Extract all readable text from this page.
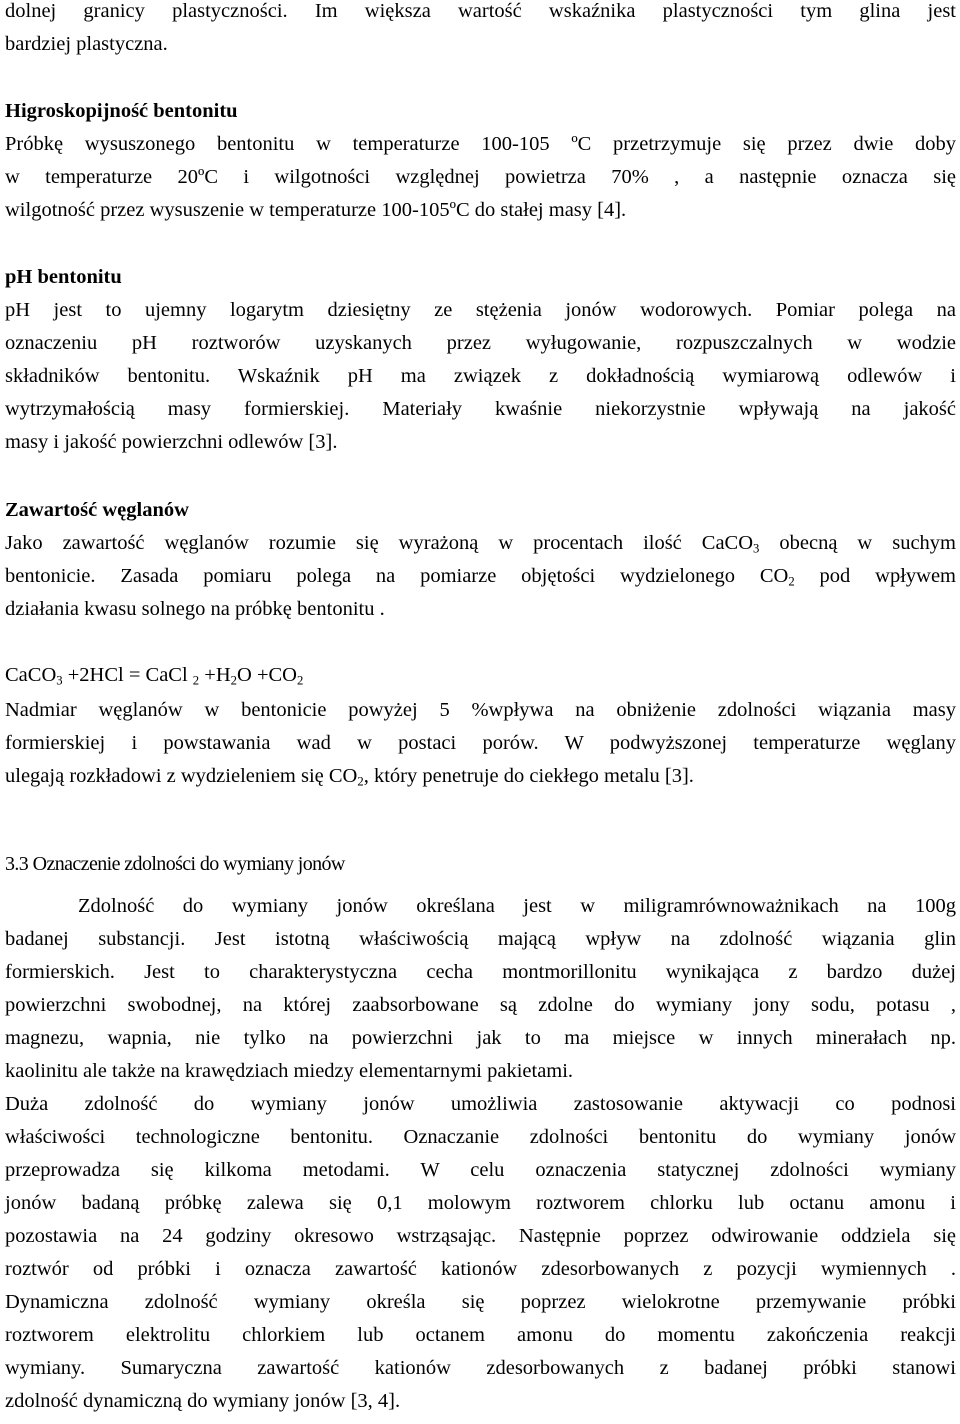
dolnej granicy plastyczności. Im większa wartość wskaźnika plastyczności tym glina jest
bardziej plastyczna.
Higroskopijność bentonitu
Próbkę wysuszonego bentonitu w temperaturze 100-105 ºC przetrzymuje się przez dwie doby
w temperaturze 20ºC i wilgotności względnej powietrza 70% , a następnie oznacza się
wilgotność przez wysuszenie w temperaturze 100-105ºC do stałej masy [4].
pH bentonitu
pH jest to ujemny logarytm dziesiętny ze stężenia jonów wodorowych. Pomiar polega na
oznaczeniu pH roztworów uzyskanych przez wyługowanie, rozpuszczalnych w wodzie
składników bentonitu. Wskaźnik pH ma związek z dokładnością wymiarową odlewów i
wytrzymałością masy formierskiej. Materiały kwaśnie niekorzystnie wpływają na jakość
masy i jakość powierzchni odlewów [3].
Zawartość węglanów
Jako zawartość węglanów rozumie się wyrażoną w procentach ilość CaCO$_3$ obecną w suchym
bentonicie. Zasada pomiaru polega na pomiarze objętości wydzielonego $CO_2$ pod wpływem
działania kwasu solnego na próbkę bentonitu .
CaCO$_3$ +2HCl = CaCl $_2 +H_2O +CO_2$
Nadmiar węglanów w bentonicie powyżej 5 %wpływa na obniżenie zdolności wiązania masy
formierskiej i powstawania wad w postaci porów. W podwyższonej temperaturze węglany
ulegają rozkładowi z wydzieleniem się $CO_2$, który penetruje do ciekłego metalu [3].
3.3 Oznaczenie zdolności do wymiany jonów
Zdolność do wymiany jonów określana jest w miligramrównoważnikach na 100g
badanej substancji. Jest istotną właściwością mającą wpływ na zdolność wiązania glin
formierskich. Jest to charakterystyczna cecha montmorillonitu wynikająca z bardzo dużej
powierzchni swobodnej, na której zaabsorbowane są zdolne do wymiany jony sodu, potasu ,
magnezu, wapnia, nie tylko na powierzchni jak to ma miejsce w innych minerałach np.
kaolinitu ale także na krawędziach miedzy elementarnymi pakietami.
Duża zdolność do wymiany jonów umożliwia zastosowanie aktywacji co podnosi
właściwości technologiczne bentonitu. Oznaczanie zdolności bentonitu do wymiany jonów
przeprowadza się kilkoma metodami. W celu oznaczenia statycznej zdolności wymiany
jonów badaną próbkę zalewa się 0,1 molowym roztworem chlorku lub octanu amonu i
pozostawia na 24 godziny okresowo wstrząsając. Następnie poprzez odwirowanie oddziela się
roztwór od próbki i oznacza zawartość kationów zdesorbowanych z pozycji wymiennych .
Dynamiczna zdolność wymiany określa się poprzez wielokrotne przemywanie próbki
roztworem elektrolitu chlorkiem lub octanem amonu do momentu zakończenia reakcji
wymiany. Sumaryczna zawartość kationów zdesorbowanych z badanej próbki stanowi
zdolność dynamiczną do wymiany jonów [3, 4].
